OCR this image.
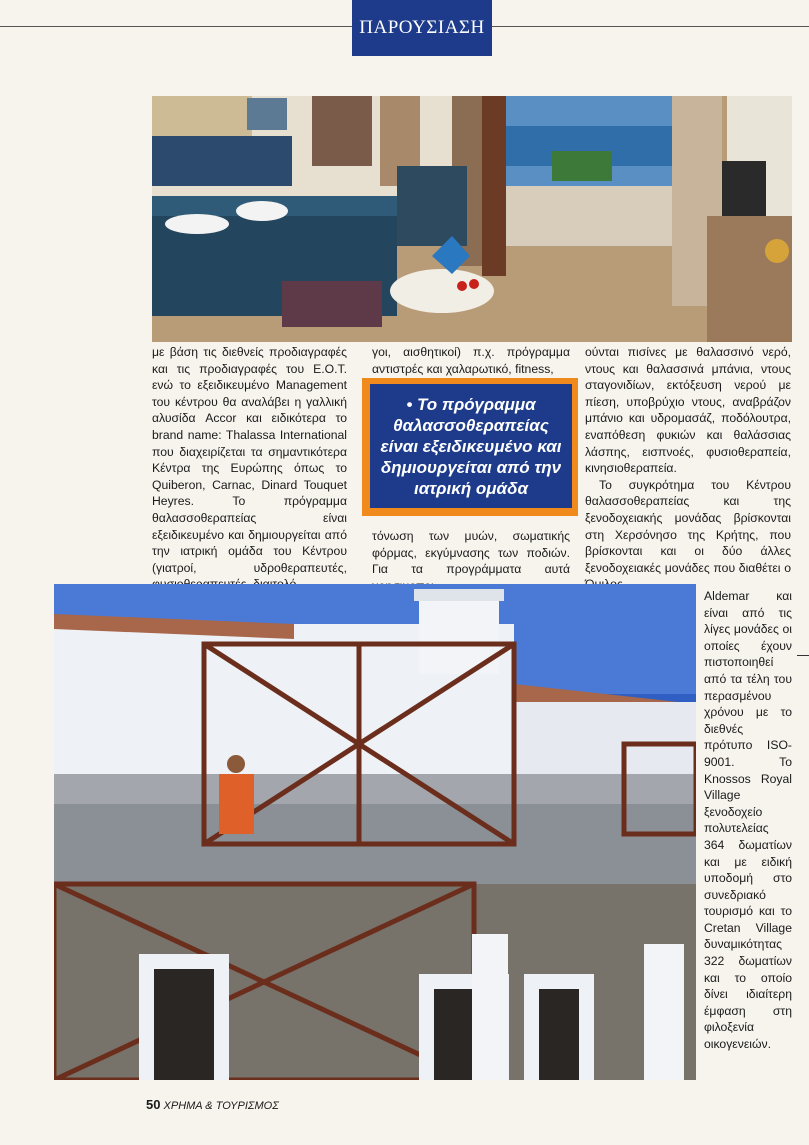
ΠΑΡΟΥΣΙΑΣΗ

με βάση τις διεθνείς προδιαγραφές και τις προδιαγραφές του Ε.Ο.Τ. ενώ το εξειδικευμένο Management του κέντρου θα αναλάβει η γαλλική αλυσίδα Accor και ειδικότερα το brand name: Thalassa International που διαχειρίζεται τα σημαντικότερα Κέντρα της Ευρώπης όπως το Quiberon, Carnac, Dinard Touquet Heyres. Το πρόγραμμα θαλασσοθεραπείας είναι εξειδικευμένο και δημιουργείται από την ιατρική ομάδα του Κέντρου (γιατροί, υδροθεραπευτές,

γοι, αισθητικοί) π.χ. πρόγραμμα αντιστρές και χαλαρωτικό, fitness,

• Το πρόγραμμα θαλασσοθεραπείας είναι εξειδικευμένο και δημιουργείται από την ιατρική ομάδα

τόνωση των μυών, σωματικής φόρμας, εκγύμνασης των ποδιών. Για τα προγράμματα αυτά

ούνται πισίνες με θαλασσινό νερό, ντους και θαλασσινά μπάνια, ντους σταγονιδίων, εκτόξευση νερού με πίεση, υποβρύχιο ντους, αναβράζον μπάνιο και υδρομασάζ, ποδόλουτρα, εναπόθεση φυκιών και θαλάσσιας λάσπης, εισπνοές, φυσιοθεραπεία, κινησιοθεραπεία.

Το συγκρότημα του Κέντρου θαλασσοθεραπείας και της ξενοδοχειακής μονάδας βρίσκονται στη Χερσόνησο της Κρήτης, που βρίσκονται και οι δύο άλλες ξενοδοχειακές μονάδες που διαθέτει ο

Aldemar και είναι από τις λίγες μονάδες οι οποίες έχουν πιστοποιηθεί από τα τέλη του περασμένου χρόνου με το διεθνές πρότυπο ISO-9001. Το Knossos Royal Village ξενοδοχείο πολυτελείας 364 δωματίων και με ειδική υποδομή στο συνεδριακό τουρισμό και το Cretan Village δυναμικότητας 322 δωματίων και το οποίο δίνει ιδιαίτερη έμφαση στη φιλοξενία οικογενειών.

50 ΧΡΗΜΑ & ΤΟΥΡΙΣΜΟΣ
